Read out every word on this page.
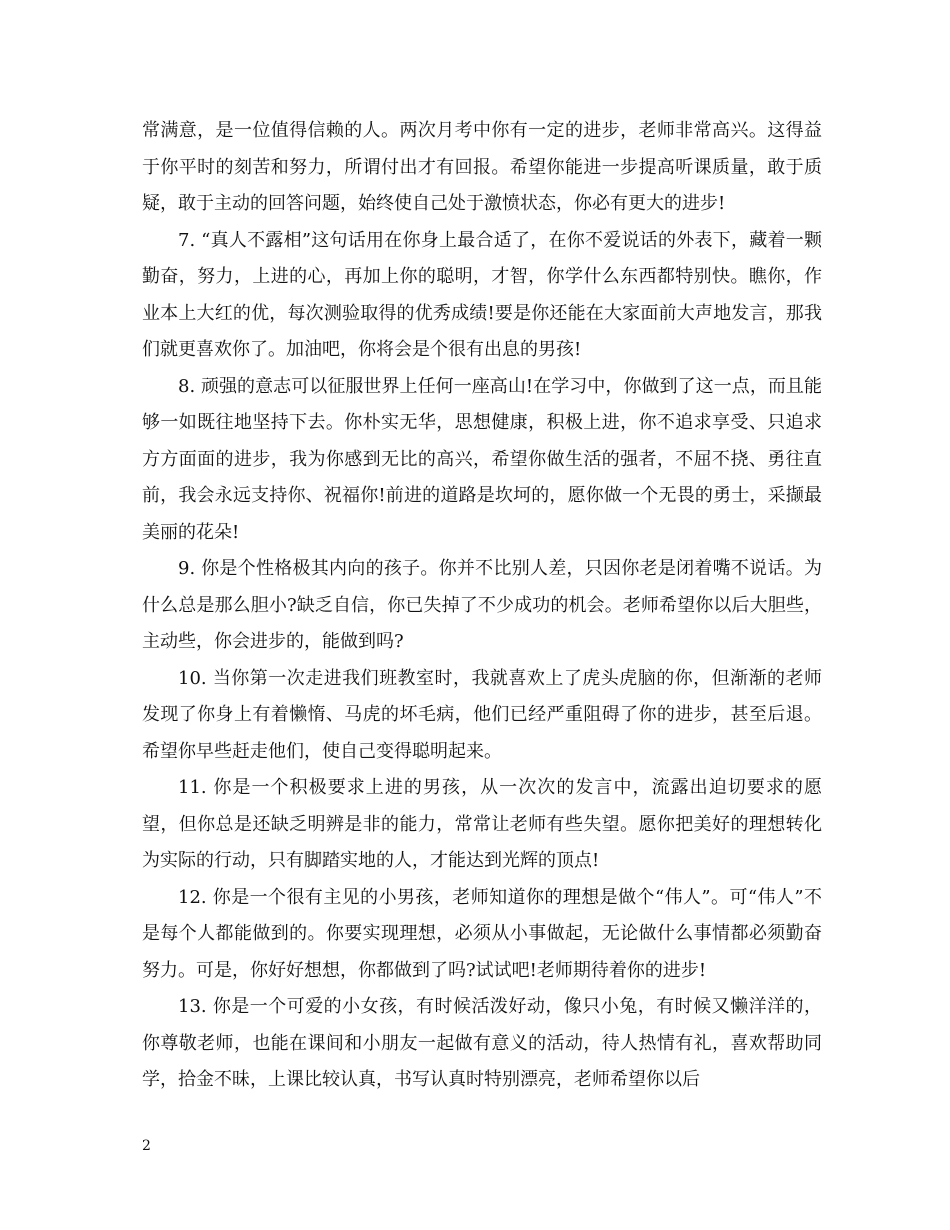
常满意，是一位值得信赖的人。两次月考中你有一定的进步，老师非常高兴。这得益于你平时的刻苦和努力，所谓付出才有回报。希望你能进一步提高听课质量，敢于质疑，敢于主动的回答问题，始终使自己处于激愤状态，你必有更大的进步!

7. “真人不露相”这句话用在你身上最合适了，在你不爱说话的外表下，藏着一颗勤奋，努力，上进的心，再加上你的聪明，才智，你学什么东西都特别快。瞧你，作业本上大红的优，每次测验取得的优秀成绩!要是你还能在大家面前大声地发言，那我们就更喜欢你了。加油吧，你将会是个很有出息的男孩!

8. 顽强的意志可以征服世界上任何一座高山!在学习中，你做到了这一点，而且能够一如既往地坚持下去。你朴实无华，思想健康，积极上进，你不追求享受、只追求方方面面的进步，我为你感到无比的高兴，希望你做生活的强者，不屈不挠、勇往直前，我会永远支持你、祝福你!前进的道路是坎坷的，愿你做一个无畏的勇士，采撷最美丽的花朵!

9. 你是个性格极其内向的孩子。你并不比别人差，只因你老是闭着嘴不说话。为什么总是那么胆小?缺乏自信，你已失掉了不少成功的机会。老师希望你以后大胆些，主动些，你会进步的，能做到吗?

10. 当你第一次走进我们班教室时，我就喜欢上了虎头虎脑的你，但渐渐的老师发现了你身上有着懒惰、马虎的坏毛病，他们已经严重阻碍了你的进步，甚至后退。希望你早些赶走他们，使自己变得聪明起来。

11. 你是一个积极要求上进的男孩，从一次次的发言中，流露出迫切要求的愿望，但你总是还缺乏明辨是非的能力，常常让老师有些失望。愿你把美好的理想转化为实际的行动，只有脚踏实地的人，才能达到光辉的顶点!

12. 你是一个很有主见的小男孩，老师知道你的理想是做个“伟人”。可“伟人”不是每个人都能做到的。你要实现理想，必须从小事做起，无论做什么事情都必须勤奋努力。可是，你好好想想，你都做到了吗?试试吧!老师期待着你的进步!

13. 你是一个可爱的小女孩，有时候活泼好动，像只小兔，有时候又懒洋洋的，你尊敬老师，也能在课间和小朋友一起做有意义的活动，待人热情有礼，喜欢帮助同学，拾金不昧，上课比较认真，书写认真时特别漂亮，老师希望你以后

2
